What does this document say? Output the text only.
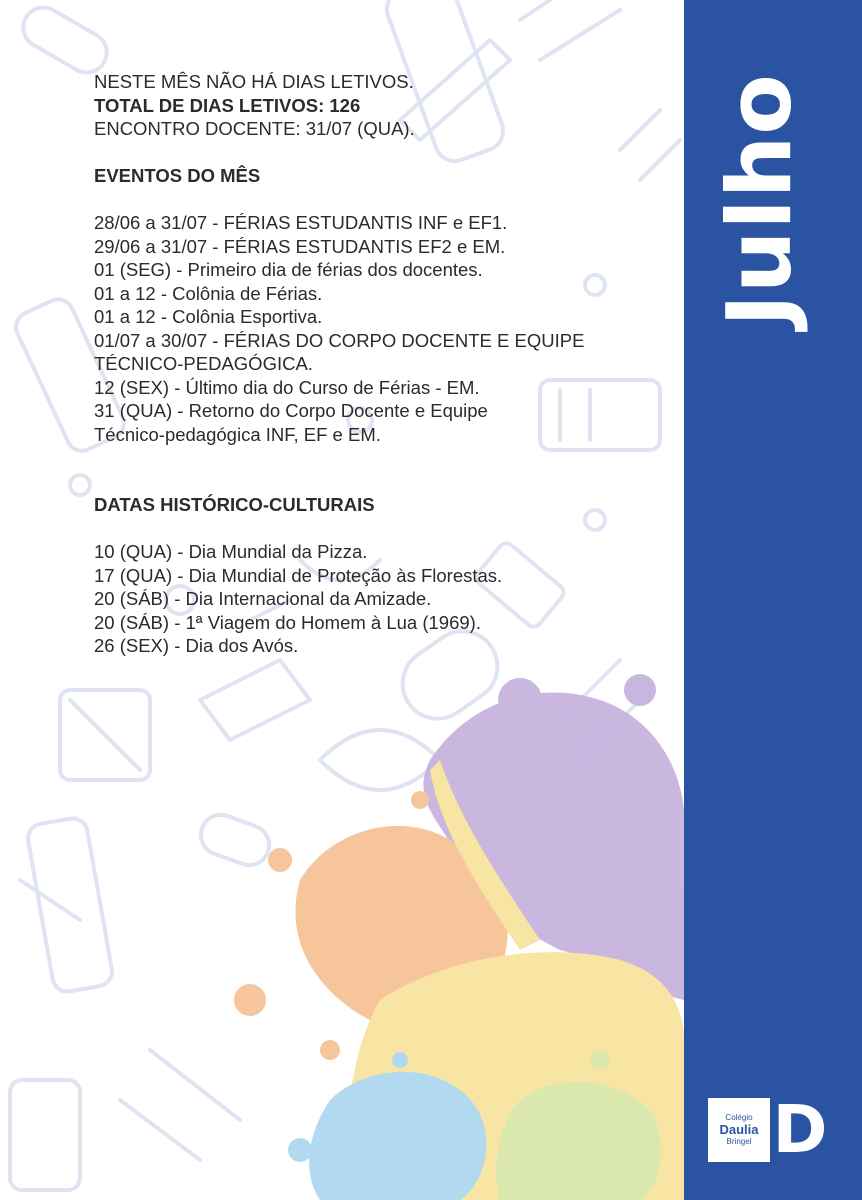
Julho
Colégio
Daulia
Bringel D

NESTE MÊS NÃO HÁ DIAS LETIVOS.

TOTAL DE DIAS LETIVOS: 126

ENCONTRO DOCENTE: 31/07 (QUA).

EVENTOS DO MÊS

28/06 a 31/07 - FÉRIAS ESTUDANTIS INF e EF1.

29/06 a 31/07 - FÉRIAS ESTUDANTIS EF2 e EM.

01 (SEG) - Primeiro dia de férias dos docentes.

01 a 12 - Colônia de Férias.

01 a 12 - Colônia Esportiva.

01/07 a 30/07 - FÉRIAS DO CORPO DOCENTE E EQUIPE

TÉCNICO-PEDAGÓGICA.

12 (SEX) - Último dia do Curso de Férias - EM.

31 (QUA) - Retorno do Corpo Docente e Equipe

Técnico-pedagógica INF, EF e EM.

DATAS HISTÓRICO-CULTURAIS

10 (QUA) - Dia Mundial da Pizza.

17 (QUA) - Dia Mundial de Proteção às Florestas.

20 (SÁB) - Dia Internacional da Amizade.

20 (SÁB) - 1ª Viagem do Homem à Lua (1969).

26 (SEX) - Dia dos Avós.
